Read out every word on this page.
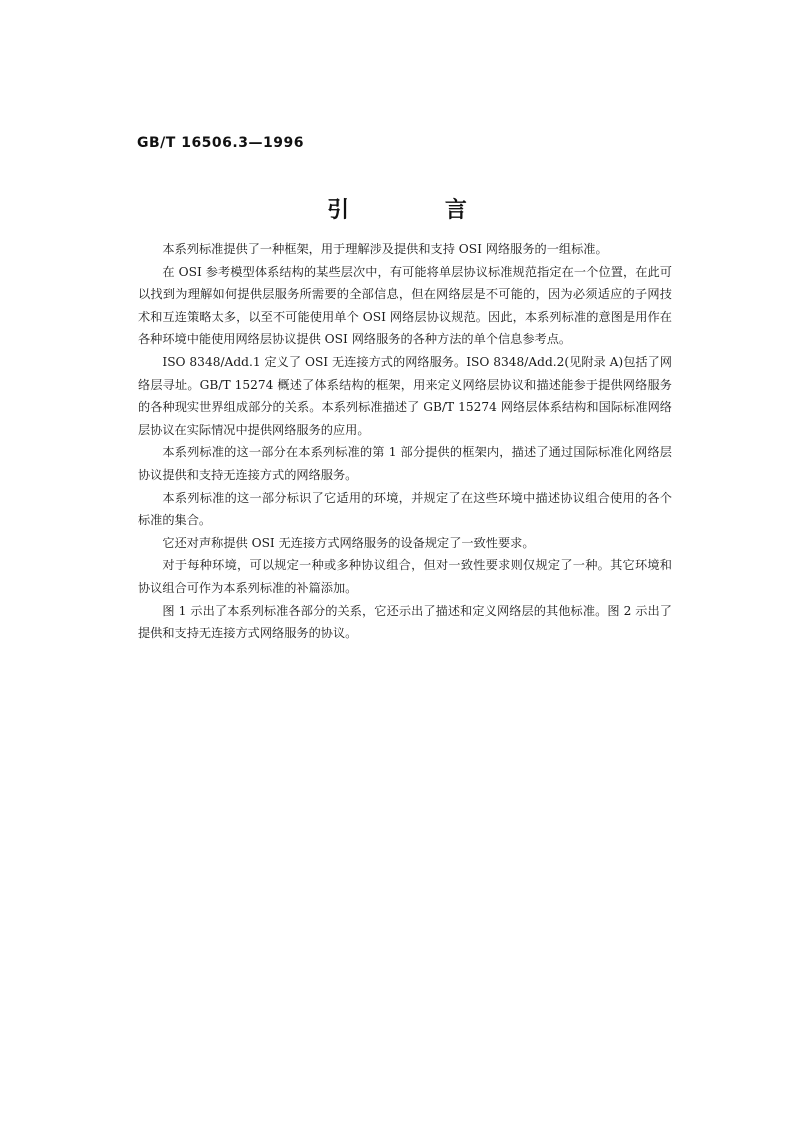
GB/T 16506.3—1996
引 言

本系列标准提供了一种框架，用于理解涉及提供和支持 OSI 网络服务的一组标准。

在 OSI 参考模型体系结构的某些层次中，有可能将单层协议标准规范指定在一个位置，在此可以找到为理解如何提供层服务所需要的全部信息，但在网络层是不可能的，因为必须适应的子网技术和互连策略太多，以至不可能使用单个 OSI 网络层协议规范。因此，本系列标准的意图是用作在各种环境中能使用网络层协议提供 OSI 网络服务的各种方法的单个信息参考点。

ISO 8348/Add.1 定义了 OSI 无连接方式的网络服务。ISO 8348/Add.2(见附录 A)包括了网络层寻址。GB/T 15274 概述了体系结构的框架，用来定义网络层协议和描述能参于提供网络服务的各种现实世界组成部分的关系。本系列标准描述了 GB/T 15274 网络层体系结构和国际标准网络层协议在实际情况中提供网络服务的应用。

本系列标准的这一部分在本系列标准的第 1 部分提供的框架内，描述了通过国际标准化网络层协议提供和支持无连接方式的网络服务。

本系列标准的这一部分标识了它适用的环境，并规定了在这些环境中描述协议组合使用的各个标准的集合。

它还对声称提供 OSI 无连接方式网络服务的设备规定了一致性要求。

对于每种环境，可以规定一种或多种协议组合，但对一致性要求则仅规定了一种。其它环境和协议组合可作为本系列标准的补篇添加。

图 1 示出了本系列标准各部分的关系，它还示出了描述和定义网络层的其他标准。图 2 示出了提供和支持无连接方式网络服务的协议。
